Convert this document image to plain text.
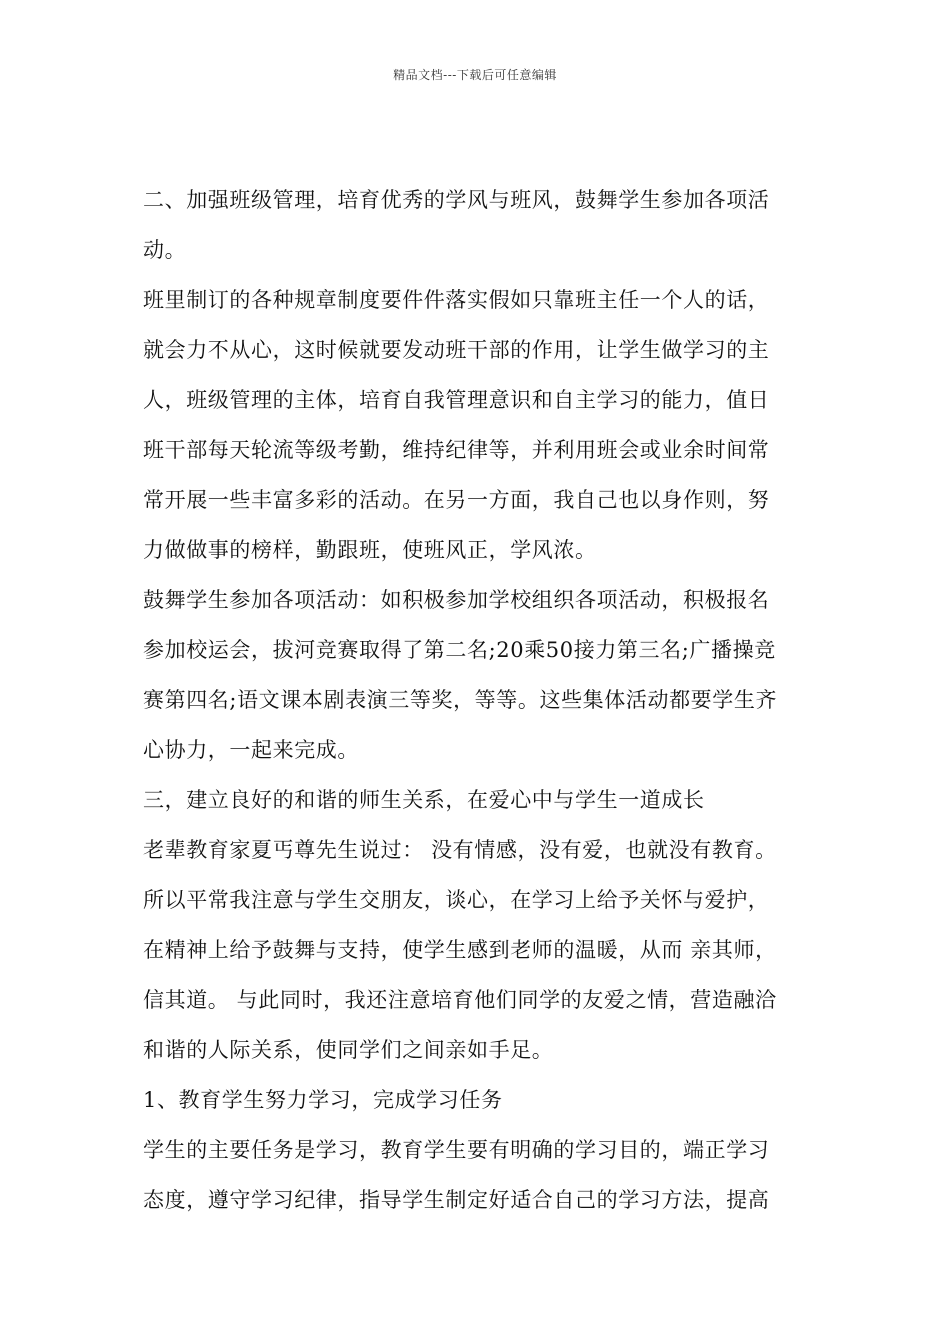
精品文档---下载后可任意编辑
二、加强班级管理，培育优秀的学风与班风，鼓舞学生参加各项活
动。
班里制订的各种规章制度要件件落实假如只靠班主任一个人的话，
就会力不从心，这时候就要发动班干部的作用，让学生做学习的主
人，班级管理的主体，培育自我管理意识和自主学习的能力，值日
班干部每天轮流等级考勤，维持纪律等，并利用班会或业余时间常
常开展一些丰富多彩的活动。在另一方面，我自己也以身作则，努
力做做事的榜样，勤跟班，使班风正，学风浓。
鼓舞学生参加各项活动：如积极参加学校组织各项活动，积极报名
参加校运会，拔河竞赛取得了第二名;20乘50接力第三名;广播操竞
赛第四名;语文课本剧表演三等奖，等等。这些集体活动都要学生齐
心协力，一起来完成。
三，建立良好的和谐的师生关系，在爱心中与学生一道成长
老辈教育家夏丐尊先生说过： 没有情感，没有爱，也就没有教育。
所以平常我注意与学生交朋友，谈心，在学习上给予关怀与爱护，
在精神上给予鼓舞与支持，使学生感到老师的温暖，从而 亲其师，
信其道。 与此同时，我还注意培育他们同学的友爱之情，营造融洽
和谐的人际关系，使同学们之间亲如手足。
1、教育学生努力学习，完成学习任务
学生的主要任务是学习，教育学生要有明确的学习目的，端正学习
态度，遵守学习纪律，指导学生制定好适合自己的学习方法，提高
